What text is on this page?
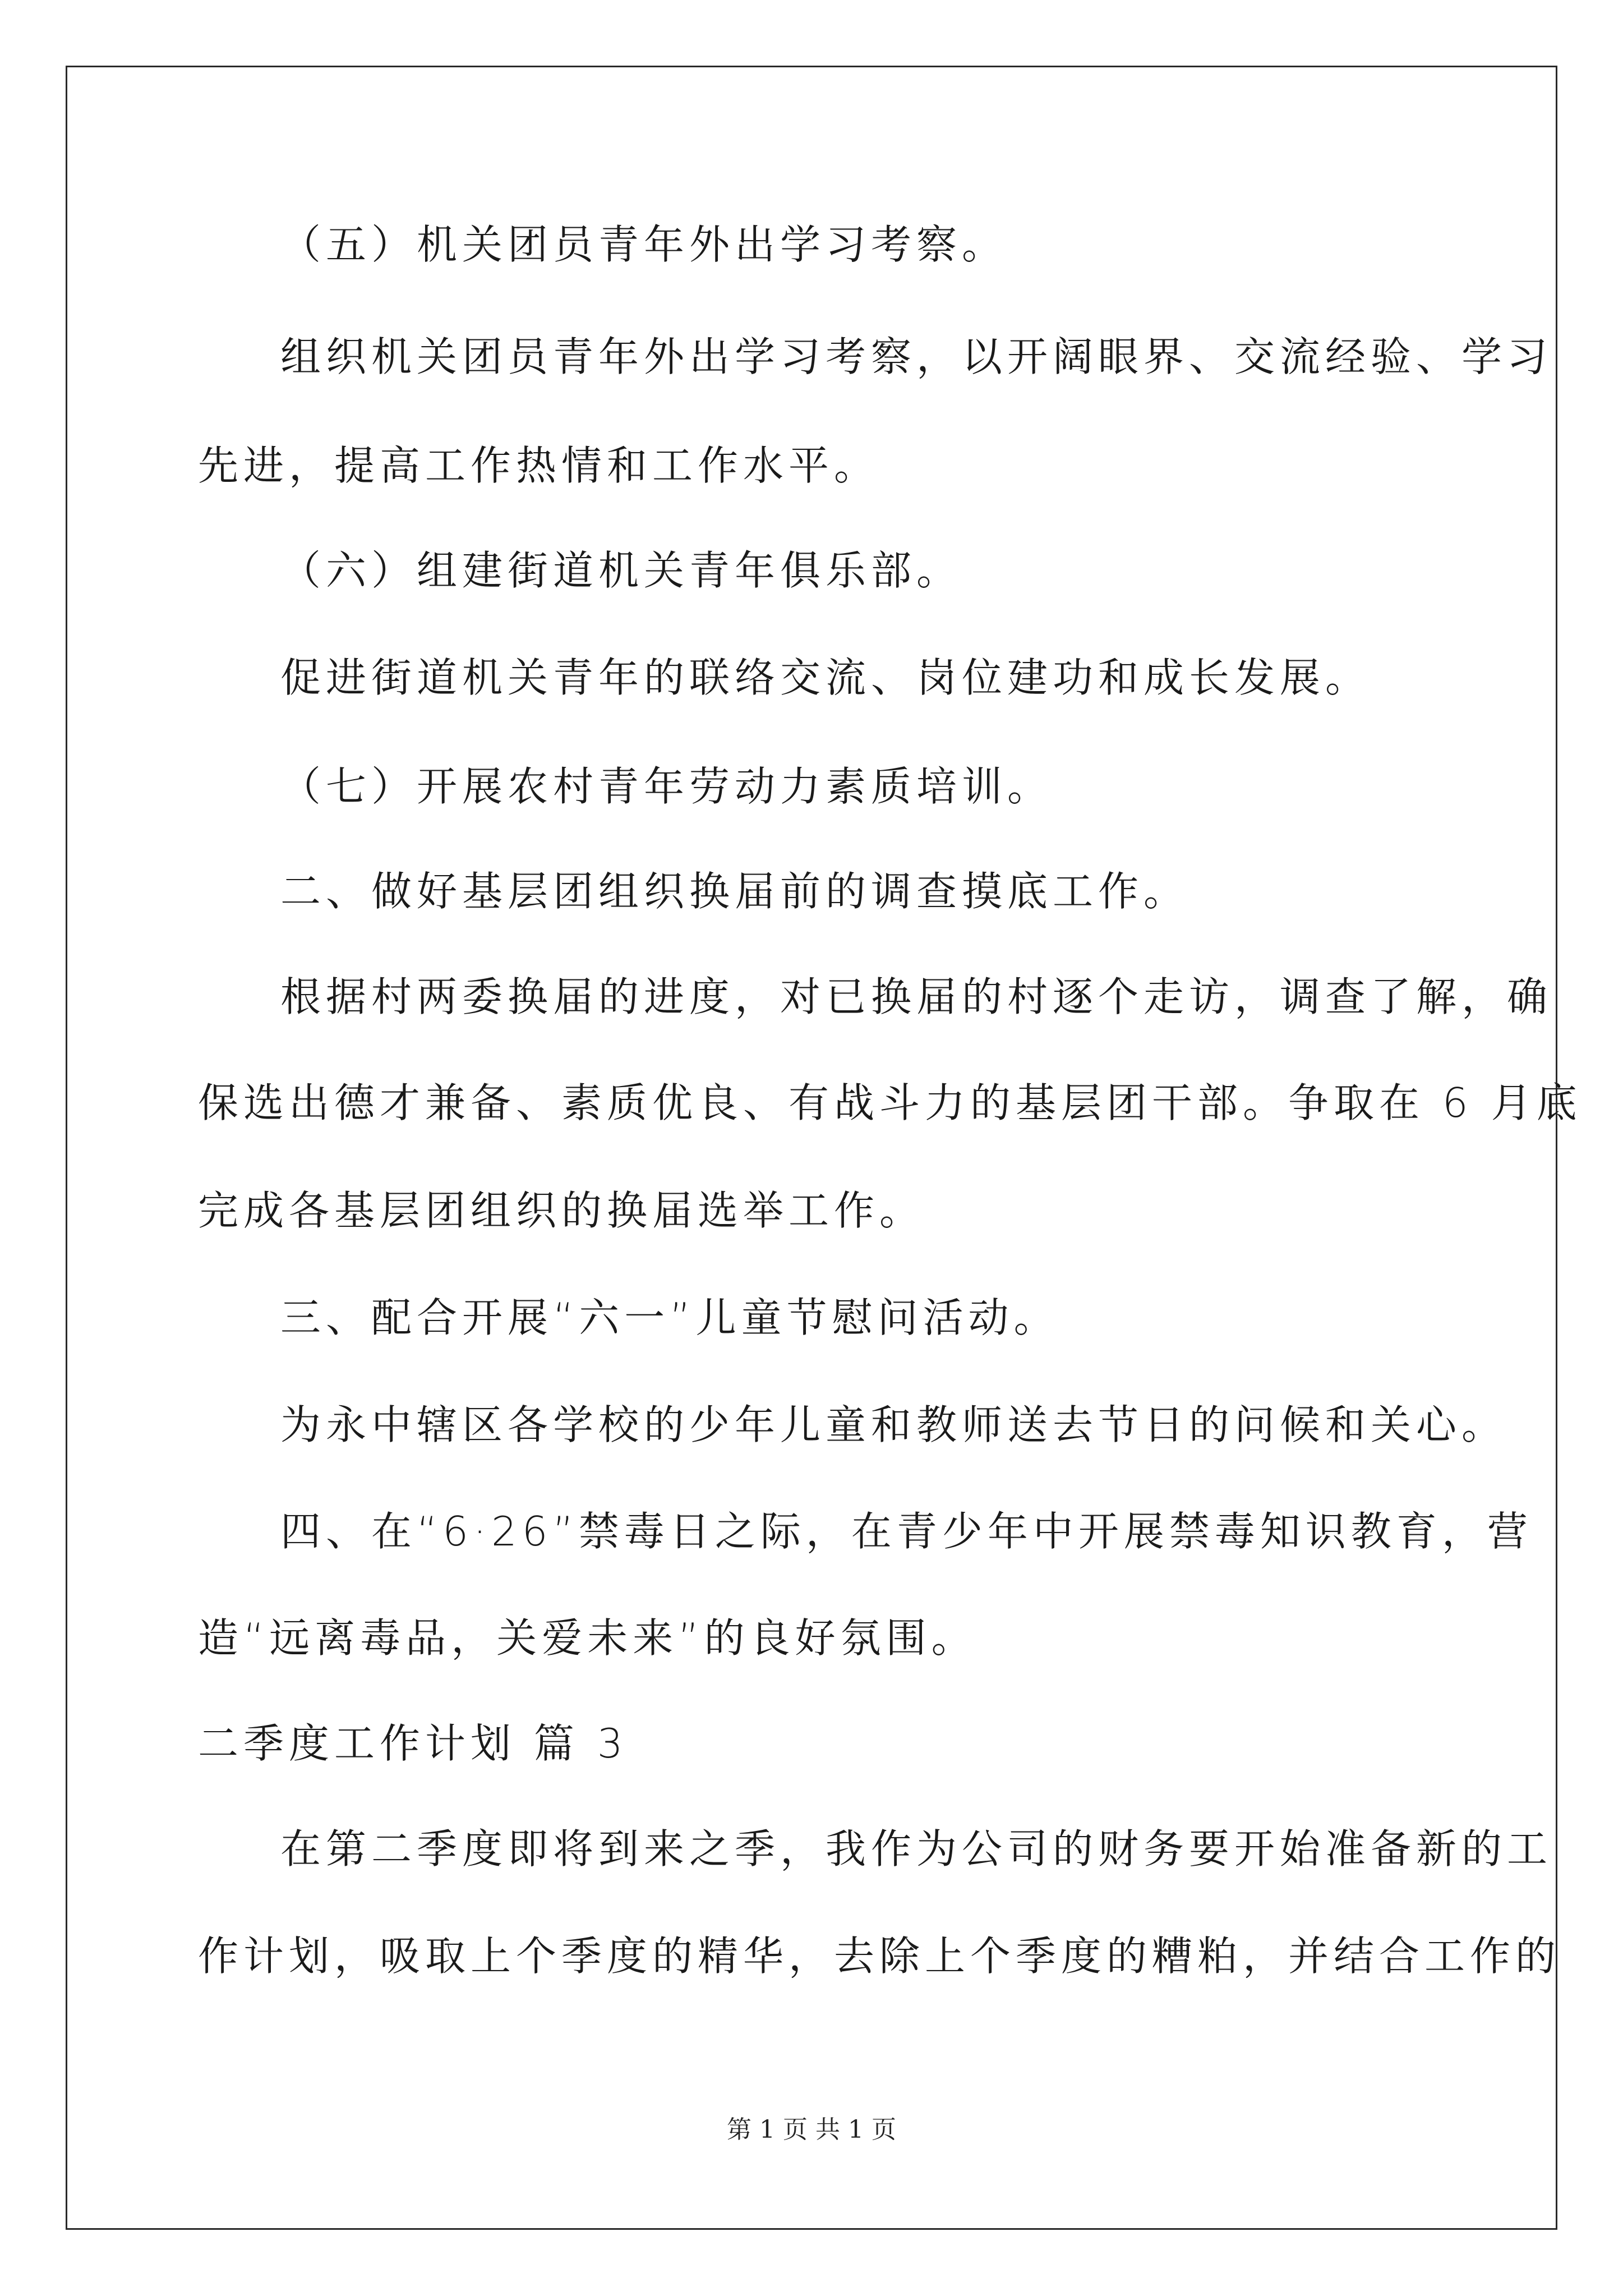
（五）机关团员青年外出学习考察。
组织机关团员青年外出学习考察，以开阔眼界、交流经验、学习
先进，提高工作热情和工作水平。
（六）组建街道机关青年俱乐部。
促进街道机关青年的联络交流、岗位建功和成长发展。
（七）开展农村青年劳动力素质培训。
二、做好基层团组织换届前的调查摸底工作。
根据村两委换届的进度，对已换届的村逐个走访，调查了解，确
保选出德才兼备、素质优良、有战斗力的基层团干部。争取在 6 月底
完成各基层团组织的换届选举工作。
三、配合开展“六一”儿童节慰问活动。
为永中辖区各学校的少年儿童和教师送去节日的问候和关心。
四、在“6·26”禁毒日之际，在青少年中开展禁毒知识教育，营
造“远离毒品，关爱未来”的良好氛围。
二季度工作计划 篇 3
在第二季度即将到来之季，我作为公司的财务要开始准备新的工
作计划，吸取上个季度的精华，去除上个季度的糟粕，并结合工作的
第 1 页 共 1 页
